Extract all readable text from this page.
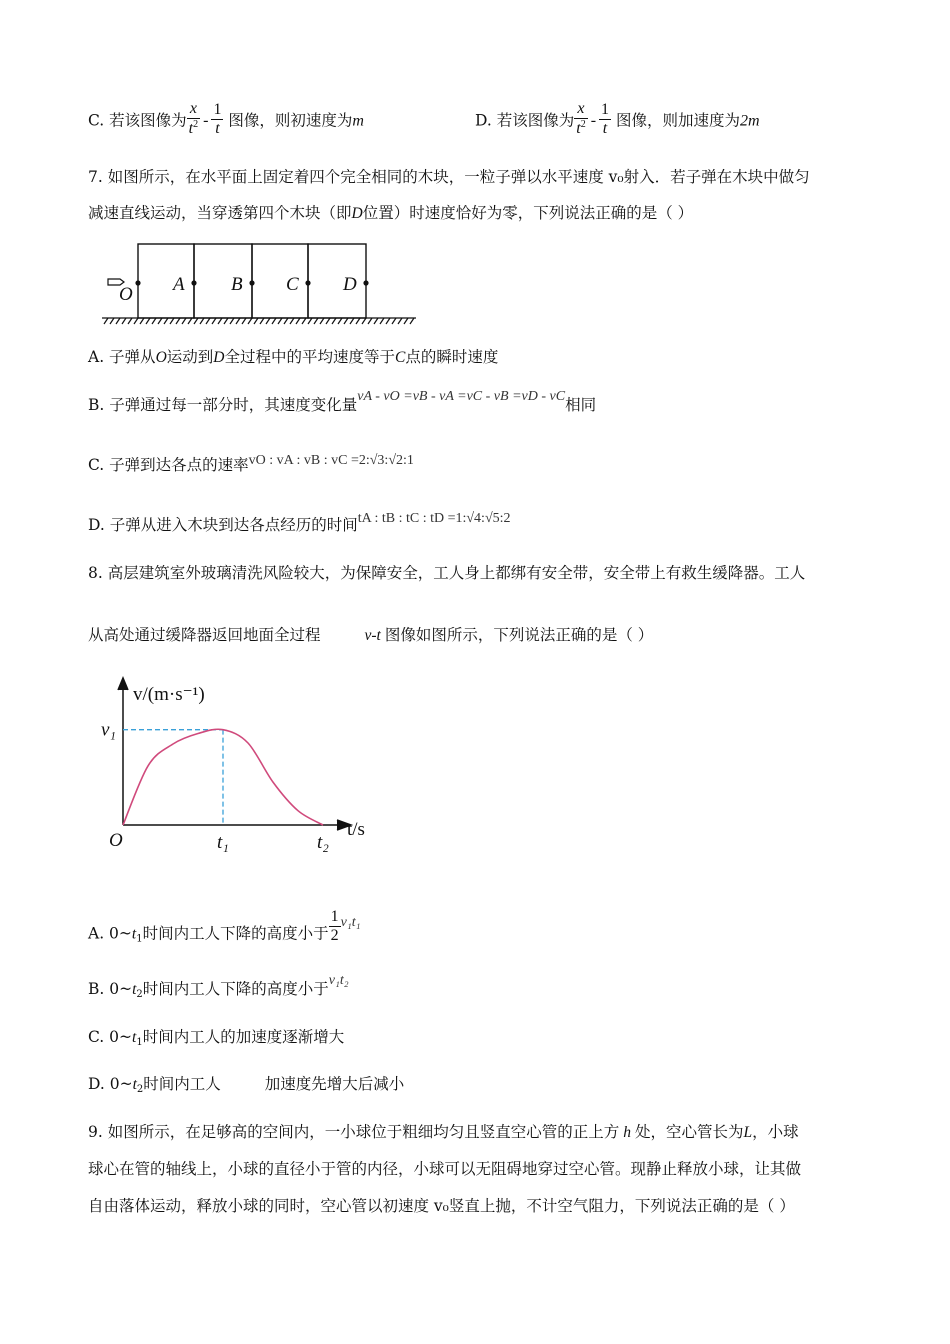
C. 若该图像为 $\frac{x}{t^2} - \frac{1}{t}$ 图像，则初速度为m	D. 若该图像为 $\frac{x}{t^2} - \frac{1}{t}$ 图像，则加速度为2m
7. 如图所示，在水平面上固定着四个完全相同的木块，一粒子弹以水平速度 v₀射入．若子弹在木块中做匀
减速直线运动，当穿透第四个木块（即D位置）时速度恰好为零，下列说法正确的是（ ）
O A B C D
A. 子弹从O运动到D全过程中的平均速度等于C点的瞬时速度
B. 子弹通过每一部分时，其速度变化量vA - vO =vB - vA =vC - vB =vD - vC相同
C. 子弹到达各点的速率vO : vA : vB : vC =2:√3:√2:1
D. 子弹从进入木块到达各点经历的时间tA : tB : tC : tD =1:√4:√5:2
8. 高层建筑室外玻璃清洗风险较大，为保障安全，工人身上都绑有安全带，安全带上有救生缓降器。工人
从高处通过缓降器返回地面全过程	v-t 图像如图所示，下列说法正确的是（ ）
v/(m·s⁻¹)
t/s
O	t₁	t₂
v₁
A. $0\sim t_1$时间内工人下降的高度小于 $\frac{1}{2} v_1t_1$
B. $0\sim t_2$时间内工人下降的高度小于v₁t₂
C. $0\sim t_1$时间内工人的加速度逐渐增大
D. $0\sim t_2$时间内工人	加速度先增大后减小
9. 如图所示，在足够高的空间内，一小球位于粗细均匀且竖直空心管的正上方 h 处，空心管长为L，小球
球心在管的轴线上，小球的直径小于管的内径，小球可以无阻碍地穿过空心管。现静止释放小球，让其做
自由落体运动，释放小球的同时，空心管以初速度 v₀竖直上抛，不计空气阻力，下列说法正确的是（ ）
